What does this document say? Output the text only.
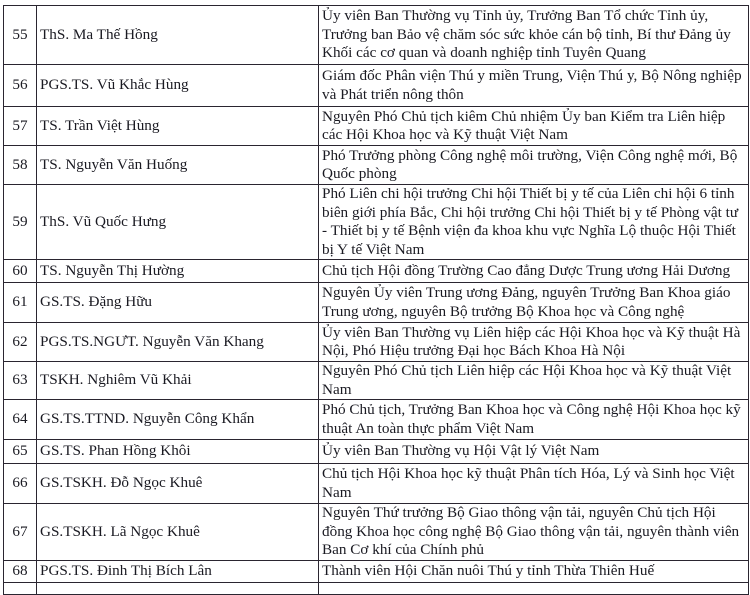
55	ThS. Ma Thế Hồng	Ủy viên Ban Thường vụ Tỉnh ủy, Trưởng Ban Tổ chức Tỉnh ủy, Trưởng ban Bảo vệ chăm sóc sức khỏe cán bộ tỉnh, Bí thư Đảng ủy Khối các cơ quan và doanh nghiệp tỉnh Tuyên Quang
56	PGS.TS. Vũ Khắc Hùng	Giám đốc Phân viện Thú y miền Trung, Viện Thú y, Bộ Nông nghiệp và Phát triển nông thôn
57	TS. Trần Việt Hùng	Nguyên Phó Chủ tịch kiêm Chủ nhiệm Ủy ban Kiểm tra Liên hiệp các Hội Khoa học và Kỹ thuật Việt Nam
58	TS. Nguyễn Văn Huống	Phó Trưởng phòng Công nghệ môi trường, Viện Công nghệ mới, Bộ Quốc phòng
59	ThS. Vũ Quốc Hưng	Phó Liên chi hội trưởng Chi hội Thiết bị y tế của Liên chi hội 6 tỉnh biên giới phía Bắc, Chi hội trưởng Chi hội Thiết bị y tế Phòng vật tư - Thiết bị y tế Bệnh viện đa khoa khu vực Nghĩa Lộ thuộc Hội Thiết bị Y tế Việt Nam
60	TS. Nguyễn Thị Hường	Chủ tịch Hội đồng Trường Cao đẳng Dược Trung ương Hải Dương
61	GS.TS. Đặng Hữu	Nguyên Ủy viên Trung ương Đảng, nguyên Trưởng Ban Khoa giáo Trung ương, nguyên Bộ trưởng Bộ Khoa học và Công nghệ
62	PGS.TS.NGƯT. Nguyễn Văn Khang	Ủy viên Ban Thường vụ Liên hiệp các Hội Khoa học và Kỹ thuật Hà Nội, Phó Hiệu trưởng Đại học Bách Khoa Hà Nội
63	TSKH. Nghiêm Vũ Khải	Nguyên Phó Chủ tịch Liên hiệp các Hội Khoa học và Kỹ thuật Việt Nam
64	GS.TS.TTND. Nguyễn Công Khẩn	Phó Chủ tịch, Trưởng Ban Khoa học và Công nghệ Hội Khoa học kỹ thuật An toàn thực phẩm Việt Nam
65	GS.TS. Phan Hồng Khôi	Ủy viên Ban Thường vụ Hội Vật lý Việt Nam
66	GS.TSKH. Đỗ Ngọc Khuê	Chủ tịch Hội Khoa học kỹ thuật Phân tích Hóa, Lý và Sinh học Việt Nam
67	GS.TSKH. Lã Ngọc Khuê	Nguyên Thứ trưởng Bộ Giao thông vận tải, nguyên Chủ tịch Hội đồng Khoa học công nghệ Bộ Giao thông vận tải, nguyên thành viên Ban Cơ khí của Chính phủ
68	PGS.TS. Đinh Thị Bích Lân	Thành viên Hội Chăn nuôi Thú y tỉnh Thừa Thiên Huế
